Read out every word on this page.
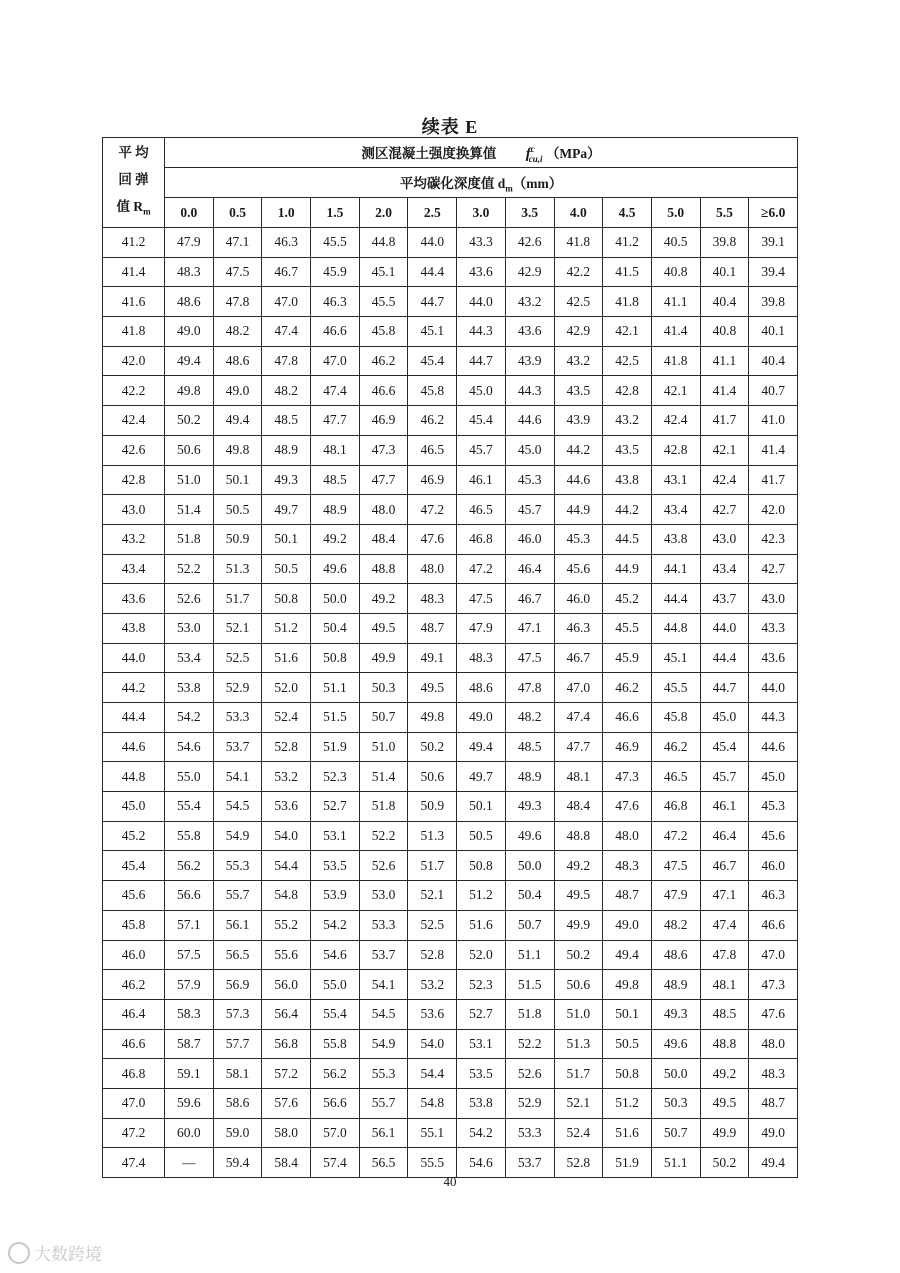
续表 E
平 均
回 弹
值 $R_m$	测区混凝土强度换算值 $f^c_{cu,i}$ （MPa）												
	平均碳化深度值 $d_m(mm)$												
	0.0	0.5	1.0	1.5	2.0	2.5	3.0	3.5	4.0	4.5	5.0	5.5	≥6.0
41.2	47.9	47.1	46.3	45.5	44.8	44.0	43.3	42.6	41.8	41.2	40.5	39.8	39.1
41.4	48.3	47.5	46.7	45.9	45.1	44.4	43.6	42.9	42.2	41.5	40.8	40.1	39.4
41.6	48.6	47.8	47.0	46.3	45.5	44.7	44.0	43.2	42.5	41.8	41.1	40.4	39.8
41.8	49.0	48.2	47.4	46.6	45.8	45.1	44.3	43.6	42.9	42.1	41.4	40.8	40.1
42.0	49.4	48.6	47.8	47.0	46.2	45.4	44.7	43.9	43.2	42.5	41.8	41.1	40.4
42.2	49.8	49.0	48.2	47.4	46.6	45.8	45.0	44.3	43.5	42.8	42.1	41.4	40.7
42.4	50.2	49.4	48.5	47.7	46.9	46.2	45.4	44.6	43.9	43.2	42.4	41.7	41.0
42.6	50.6	49.8	48.9	48.1	47.3	46.5	45.7	45.0	44.2	43.5	42.8	42.1	41.4
42.8	51.0	50.1	49.3	48.5	47.7	46.9	46.1	45.3	44.6	43.8	43.1	42.4	41.7
43.0	51.4	50.5	49.7	48.9	48.0	47.2	46.5	45.7	44.9	44.2	43.4	42.7	42.0
43.2	51.8	50.9	50.1	49.2	48.4	47.6	46.8	46.0	45.3	44.5	43.8	43.0	42.3
43.4	52.2	51.3	50.5	49.6	48.8	48.0	47.2	46.4	45.6	44.9	44.1	43.4	42.7
43.6	52.6	51.7	50.8	50.0	49.2	48.3	47.5	46.7	46.0	45.2	44.4	43.7	43.0
43.8	53.0	52.1	51.2	50.4	49.5	48.7	47.9	47.1	46.3	45.5	44.8	44.0	43.3
44.0	53.4	52.5	51.6	50.8	49.9	49.1	48.3	47.5	46.7	45.9	45.1	44.4	43.6
44.2	53.8	52.9	52.0	51.1	50.3	49.5	48.6	47.8	47.0	46.2	45.5	44.7	44.0
44.4	54.2	53.3	52.4	51.5	50.7	49.8	49.0	48.2	47.4	46.6	45.8	45.0	44.3
44.6	54.6	53.7	52.8	51.9	51.0	50.2	49.4	48.5	47.7	46.9	46.2	45.4	44.6
44.8	55.0	54.1	53.2	52.3	51.4	50.6	49.7	48.9	48.1	47.3	46.5	45.7	45.0
45.0	55.4	54.5	53.6	52.7	51.8	50.9	50.1	49.3	48.4	47.6	46.8	46.1	45.3
45.2	55.8	54.9	54.0	53.1	52.2	51.3	50.5	49.6	48.8	48.0	47.2	46.4	45.6
45.4	56.2	55.3	54.4	53.5	52.6	51.7	50.8	50.0	49.2	48.3	47.5	46.7	46.0
45.6	56.6	55.7	54.8	53.9	53.0	52.1	51.2	50.4	49.5	48.7	47.9	47.1	46.3
45.8	57.1	56.1	55.2	54.2	53.3	52.5	51.6	50.7	49.9	49.0	48.2	47.4	46.6
46.0	57.5	56.5	55.6	54.6	53.7	52.8	52.0	51.1	50.2	49.4	48.6	47.8	47.0
46.2	57.9	56.9	56.0	55.0	54.1	53.2	52.3	51.5	50.6	49.8	48.9	48.1	47.3
46.4	58.3	57.3	56.4	55.4	54.5	53.6	52.7	51.8	51.0	50.1	49.3	48.5	47.6
46.6	58.7	57.7	56.8	55.8	54.9	54.0	53.1	52.2	51.3	50.5	49.6	48.8	48.0
46.8	59.1	58.1	57.2	56.2	55.3	54.4	53.5	52.6	51.7	50.8	50.0	49.2	48.3
47.0	59.6	58.6	57.6	56.6	55.7	54.8	53.8	52.9	52.1	51.2	50.3	49.5	48.7
47.2	60.0	59.0	58.0	57.0	56.1	55.1	54.2	53.3	52.4	51.6	50.7	49.9	49.0
47.4	—	59.4	58.4	57.4	56.5	55.5	54.6	53.7	52.8	51.9	51.1	50.2	49.4
40
大数跨境
